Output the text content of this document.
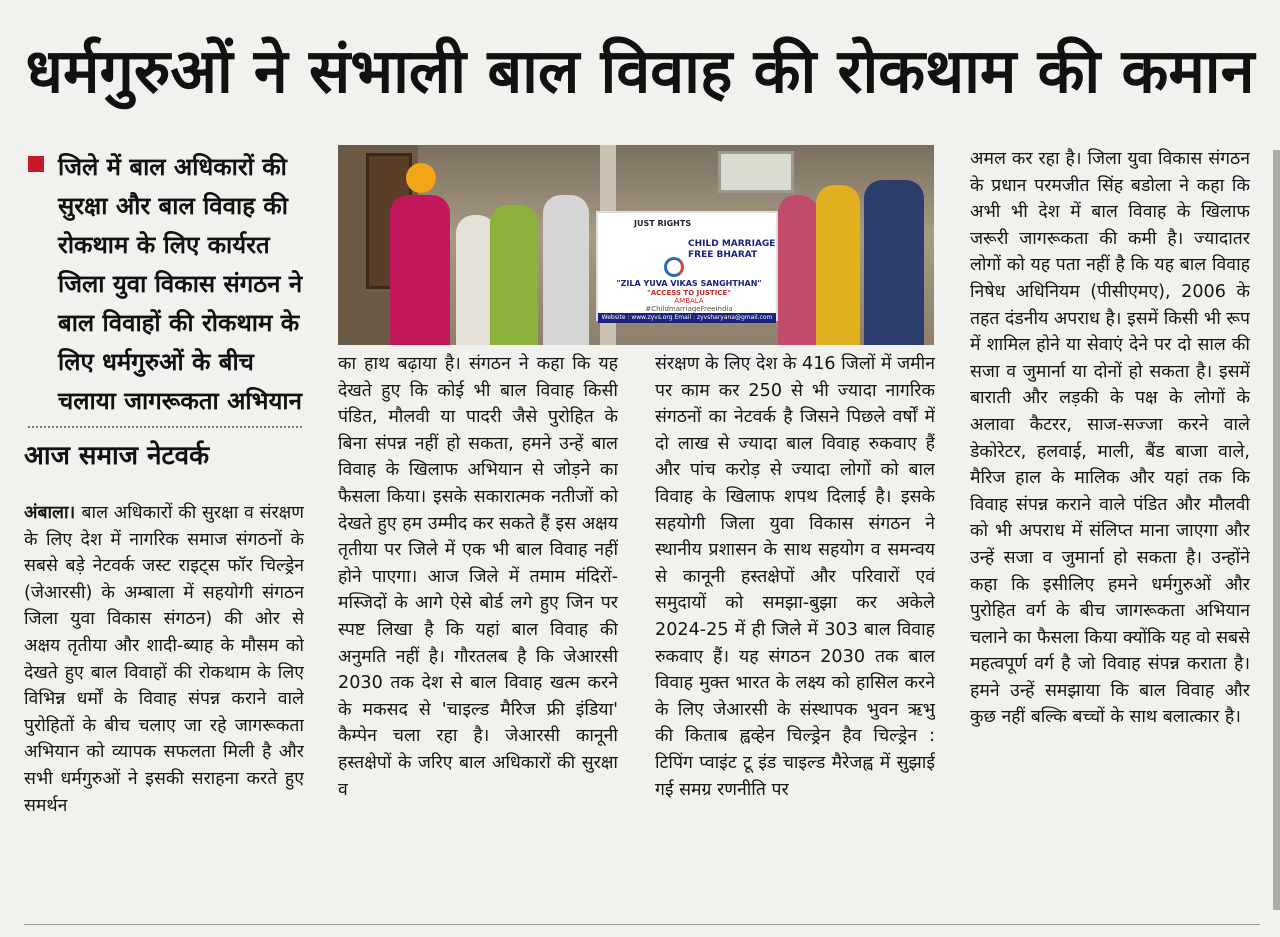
धर्मगुरुओं ने संभाली बाल विवाह की रोकथाम की कमान
जिले में बाल अधिकारों की सुरक्षा और बाल विवाह की रोकथाम के लिए कार्यरत जिला युवा विकास संगठन ने बाल विवाहों की रोकथाम के लिए धर्मगुरुओं के बीच चलाया जागरूकता अभियान
आज समाज नेटवर्क
JUST RIGHTS
CHILD MARRIAGE FREE BHARAT
"ZILA YUVA VIKAS SANGHTHAN"
"ACCESS TO JUSTICE"
AMBALA
#ChildmarriageFreeIndia
Website : www.zyvs.org Email : zyvsharyana@gmail.com
अंबाला। बाल अधिकारों की सुरक्षा व संरक्षण के लिए देश में नागरिक समाज संगठनों के सबसे बड़े नेटवर्क जस्ट राइट्स फॉर चिल्ड्रेन (जेआरसी) के अम्बाला में सहयोगी संगठन जिला युवा विकास संगठन) की ओर से अक्षय तृतीया और शादी-ब्याह के मौसम को देखते हुए बाल विवाहों की रोकथाम के लिए विभिन्न धर्मों के विवाह संपन्न कराने वाले पुरोहितों के बीच चलाए जा रहे जागरूकता अभियान को व्यापक सफलता मिली है और सभी धर्मगुरुओं ने इसकी सराहना करते हुए समर्थन
का हाथ बढ़ाया है। संगठन ने कहा कि यह देखते हुए कि कोई भी बाल विवाह किसी पंडित, मौलवी या पादरी जैसे पुरोहित के बिना संपन्न नहीं हो सकता, हमने उन्हें बाल विवाह के खिलाफ अभियान से जोड़ने का फैसला किया। इसके सकारात्मक नतीजों को देखते हुए हम उम्मीद कर सकते हैं इस अक्षय तृतीया पर जिले में एक भी बाल विवाह नहीं होने पाएगा। आज जिले में तमाम मंदिरों-मस्जिदों के आगे ऐसे बोर्ड लगे हुए जिन पर स्पष्ट लिखा है कि यहां बाल विवाह की अनुमति नहीं है। गौरतलब है कि जेआरसी 2030 तक देश से बाल विवाह खत्म करने के मकसद से 'चाइल्ड मैरिज फ्री इंडिया' कैम्पेन चला रहा है। जेआरसी कानूनी हस्तक्षेपों के जरिए बाल अधिकारों की सुरक्षा व
संरक्षण के लिए देश के 416 जिलों में जमीन पर काम कर 250 से भी ज्यादा नागरिक संगठनों का नेटवर्क है जिसने पिछले वर्षों में दो लाख से ज्यादा बाल विवाह रुकवाए हैं और पांच करोड़ से ज्यादा लोगों को बाल विवाह के खिलाफ शपथ दिलाई है। इसके सहयोगी जिला युवा विकास संगठन ने स्थानीय प्रशासन के साथ सहयोग व समन्वय से कानूनी हस्तक्षेपों और परिवारों एवं समुदायों को समझा-बुझा कर अकेले 2024-25 में ही जिले में 303 बाल विवाह रुकवाए हैं। यह संगठन 2030 तक बाल विवाह मुक्त भारत के लक्ष्य को हासिल करने के लिए जेआरसी के संस्थापक भुवन ऋभु की किताब ह्वव्हेन चिल्ड्रेन हैव चिल्ड्रेन : टिपिंग प्वाइंट टू इंड चाइल्ड मैरेजह्व में सुझाई गई समग्र रणनीति पर
अमल कर रहा है। जिला युवा विकास संगठन के प्रधान परमजीत सिंह बडोला ने कहा कि अभी भी देश में बाल विवाह के खिलाफ जरूरी जागरूकता की कमी है। ज्यादातर लोगों को यह पता नहीं है कि यह बाल विवाह निषेध अधिनियम (पीसीएमए), 2006 के तहत दंडनीय अपराध है। इसमें किसी भी रूप में शामिल होने या सेवाएं देने पर दो साल की सजा व जुमार्ना या दोनों हो सकता है। इसमें बाराती और लड़की के पक्ष के लोगों के अलावा कैटरर, साज-सज्जा करने वाले डेकोरेटर, हलवाई, माली, बैंड बाजा वाले, मैरिज हाल के मालिक और यहां तक कि विवाह संपन्न कराने वाले पंडित और मौलवी को भी अपराध में संलिप्त माना जाएगा और उन्हें सजा व जुमार्ना हो सकता है। उन्होंने कहा कि इसीलिए हमने धर्मगुरुओं और पुरोहित वर्ग के बीच जागरूकता अभियान चलाने का फैसला किया क्योंकि यह वो सबसे महत्वपूर्ण वर्ग है जो विवाह संपन्न कराता है। हमने उन्हें समझाया कि बाल विवाह और कुछ नहीं बल्कि बच्चों के साथ बलात्कार है।
